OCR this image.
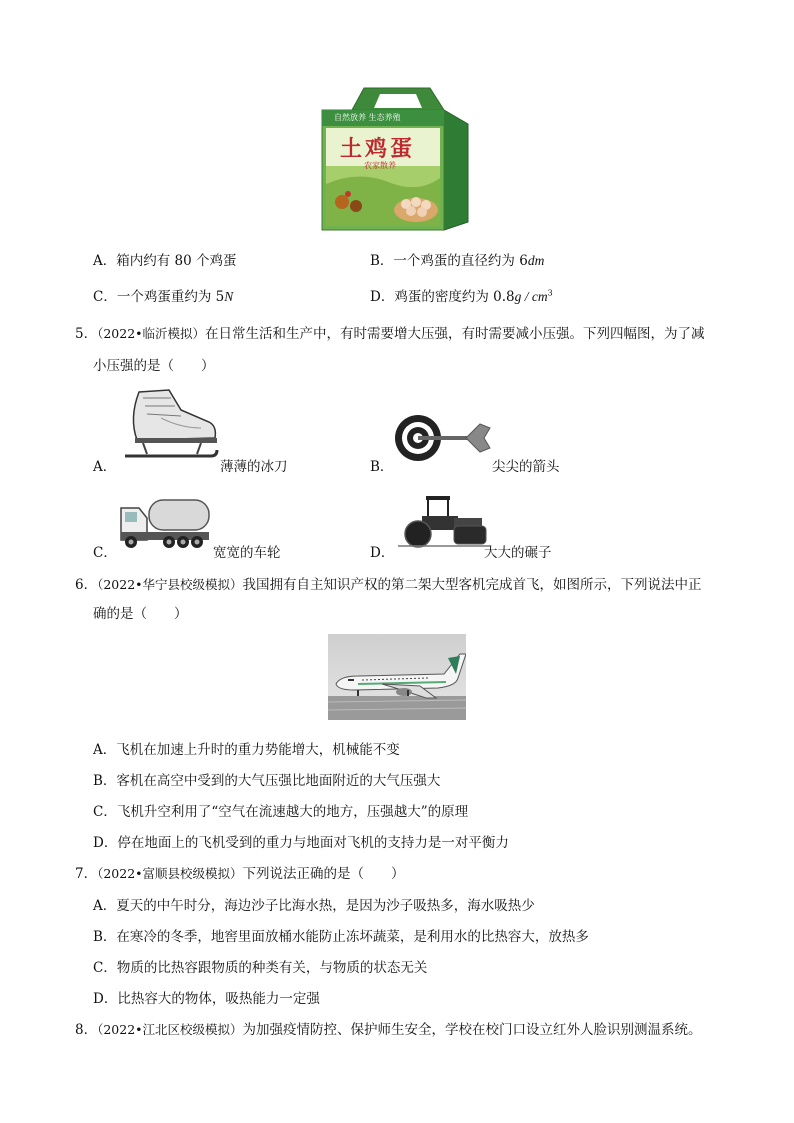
自然放养 生态养殖
土鸡蛋
农家散养
A．箱内约有 80 个鸡蛋	B．一个鸡蛋的直径约为 6dm
C．一个鸡蛋重约为 5N	D．鸡蛋的密度约为 $0.8g / cm^3$
5．（2022•临沂模拟）在日常生活和生产中，有时需要增大压强，有时需要减小压强。下列四幅图，为了减
小压强的是（　　）
A．	薄薄的冰刀	B．	尖尖的箭头
C．	宽宽的车轮	D．	大大的碾子
6．（2022•华宁县校级模拟）我国拥有自主知识产权的第二架大型客机完成首飞，如图所示，下列说法中正
确的是（　　）
A．飞机在加速上升时的重力势能增大，机械能不变
B．客机在高空中受到的大气压强比地面附近的大气压强大
C．飞机升空利用了“空气在流速越大的地方，压强越大”的原理
D．停在地面上的飞机受到的重力与地面对飞机的支持力是一对平衡力
7．（2022•富顺县校级模拟）下列说法正确的是（　　）
A．夏天的中午时分，海边沙子比海水热，是因为沙子吸热多，海水吸热少
B．在寒冷的冬季，地窖里面放桶水能防止冻坏蔬菜，是利用水的比热容大，放热多
C．物质的比热容跟物质的种类有关，与物质的状态无关
D．比热容大的物体，吸热能力一定强
8．（2022•江北区校级模拟）为加强疫情防控、保护师生安全，学校在校门口设立红外人脸识别测温系统。
